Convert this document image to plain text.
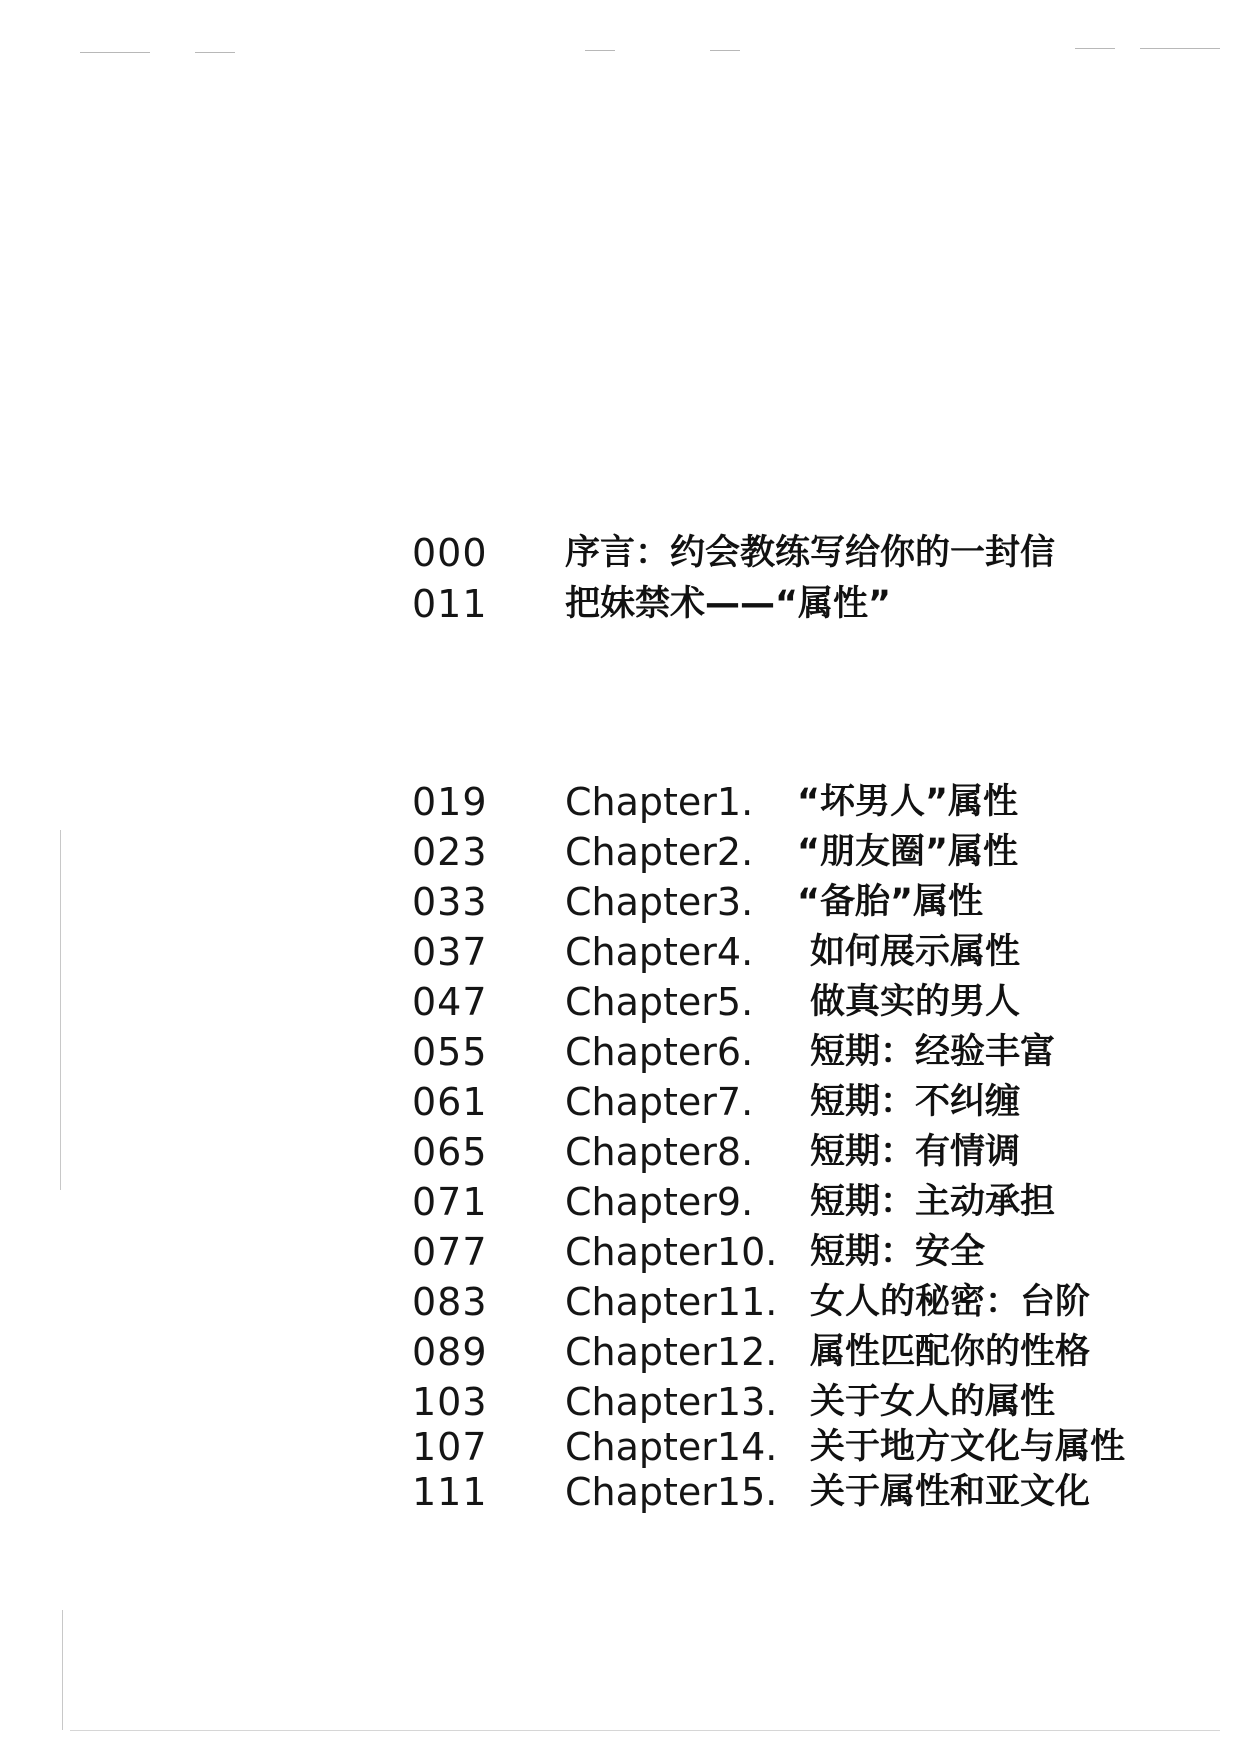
000 序言：约会教练写给你的一封信
011 把妹禁术——“属性”
019 Chapter1. “坏男人”属性
023 Chapter2. “朋友圈”属性
033 Chapter3. “备胎”属性
037 Chapter4. 如何展示属性
047 Chapter5. 做真实的男人
055 Chapter6. 短期：经验丰富
061 Chapter7. 短期：不纠缠
065 Chapter8. 短期：有情调
071 Chapter9. 短期：主动承担
077 Chapter10. 短期：安全
083 Chapter11. 女人的秘密：台阶
089 Chapter12. 属性匹配你的性格
103 Chapter13. 关于女人的属性
107 Chapter14. 关于地方文化与属性
111 Chapter15. 关于属性和亚文化
